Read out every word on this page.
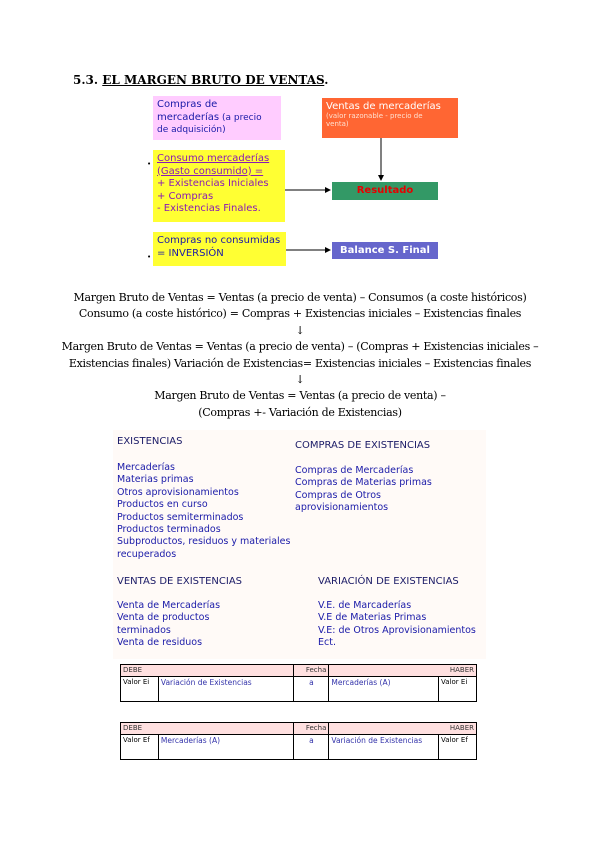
5.3. EL MARGEN BRUTO DE VENTAS.
Compras de
mercaderías (a precio
de adquisición)
Ventas de mercaderías
(valor razonable - precio de
venta)
• Consumo mercaderías
(Gasto consumido) =
+ Existencias Iniciales
+ Compras
- Existencias Finales.
Resultado
•
Compras no consumidas
= INVERSIÓN	Balance S. Final
Margen Bruto de Ventas = Ventas (a precio de venta) – Consumos (a coste históricos)
Consumo (a coste histórico) = Compras + Existencias iniciales – Existencias finales
↓
Margen Bruto de Ventas = Ventas (a precio de venta) – (Compras + Existencias iniciales –
Existencias finales) Variación de Existencias= Existencias iniciales – Existencias finales
↓
Margen Bruto de Ventas = Ventas (a precio de venta) –
(Compras +- Variación de Existencias)
EXISTENCIAS
Mercaderías
Materias primas
Otros aprovisionamientos
Productos en curso
Productos semiterminados
Productos terminados
Subproductos, residuos y materiales
recuperados
COMPRAS DE EXISTENCIAS
Compras de Mercaderías
Compras de Materias primas
Compras de Otros
aprovisionamientos
VENTAS DE EXISTENCIAS
Venta de Mercaderías
Venta de productos
terminados
Venta de residuos
VARIACIÓN DE EXISTENCIAS
V.E. de Marcaderías
V.E de Materias Primas
V.E: de Otros Aprovisionamientos
Ect.
DEBE		Fecha	HABER	
Valor Ei	Variación de Existencias	a	Mercaderías (A)	Valor Ei
DEBE		Fecha	HABER	
Valor Ef	Mercaderías (A)	a	Variación de Existencias	Valor Ef
